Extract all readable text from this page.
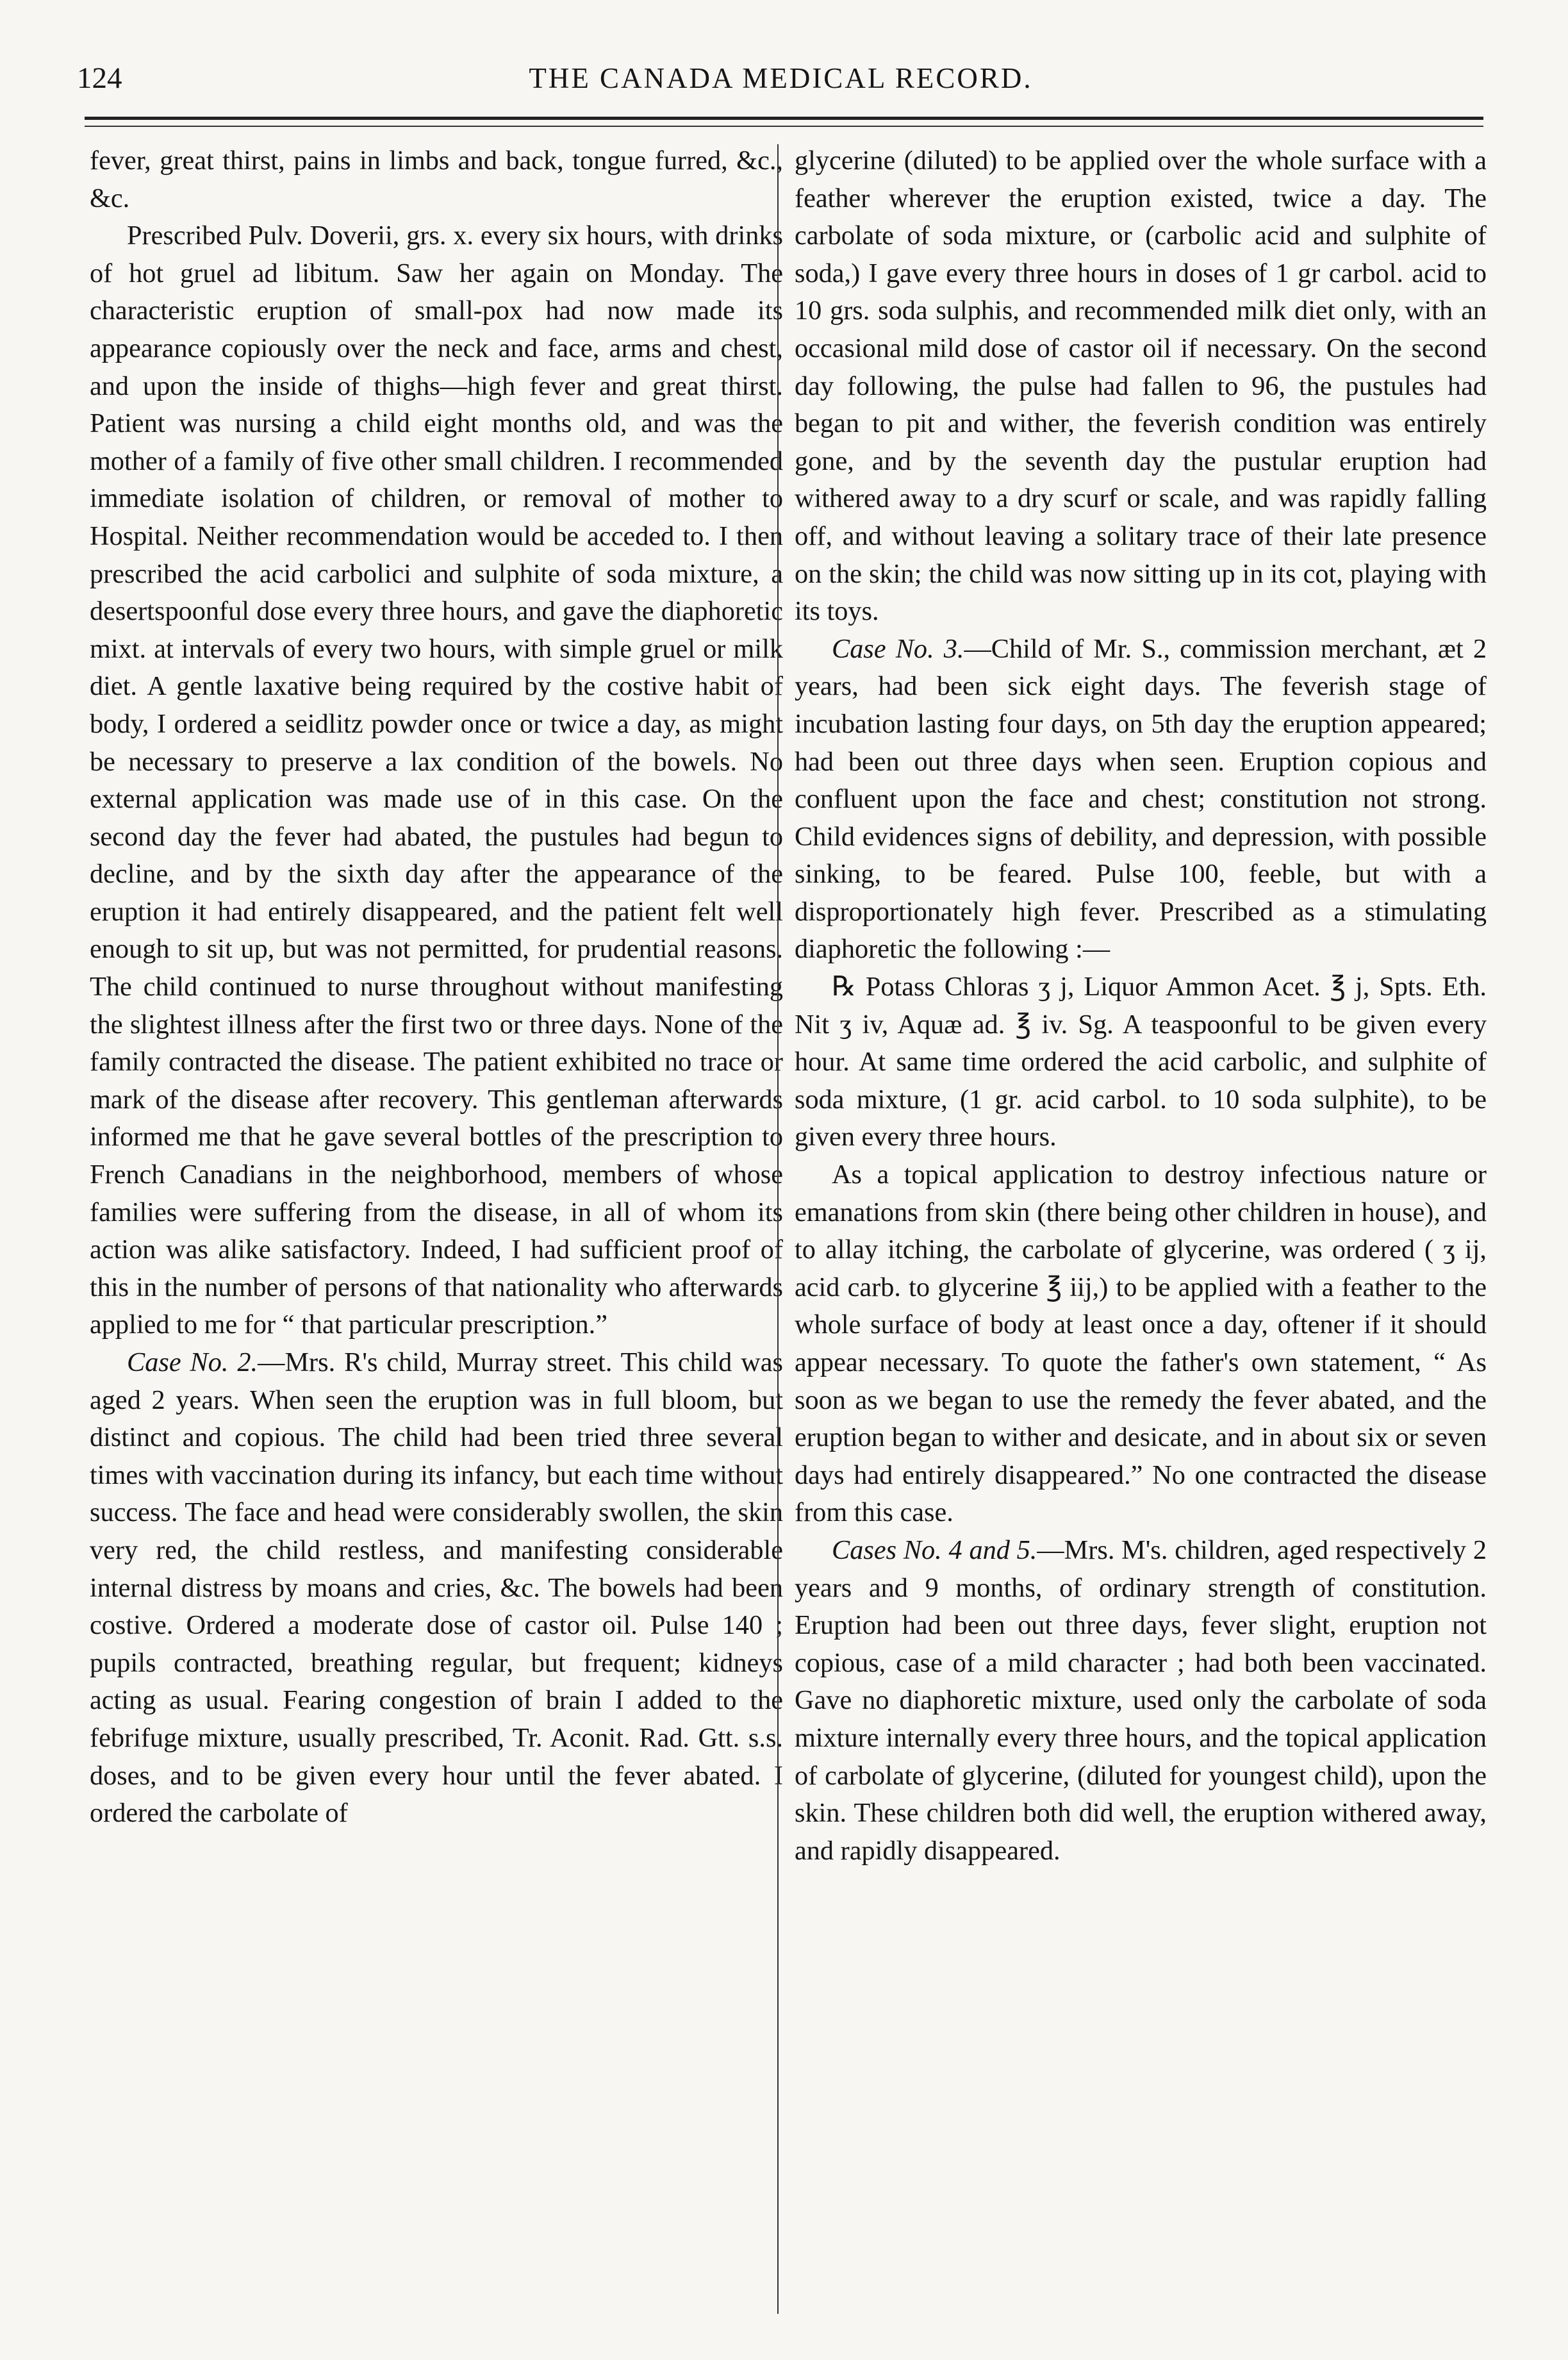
124	THE CANADA MEDICAL RECORD.

fever, great thirst, pains in limbs and back, tongue furred, &c., &c.

Prescribed Pulv. Doverii, grs. x. every six hours, with drinks of hot gruel ad libitum. Saw her again on Monday. The characteristic eruption of small-pox had now made its appearance copiously over the neck and face, arms and chest, and upon the inside of thighs—high fever and great thirst. Patient was nursing a child eight months old, and was the mother of a family of five other small children. I recommended immediate isolation of children, or removal of mother to Hospital. Neither recommendation would be acceded to. I then prescribed the acid carbolici and sulphite of soda mixture, a desertspoonful dose every three hours, and gave the diaphoretic mixt. at intervals of every two hours, with simple gruel or milk diet. A gentle laxative being required by the costive habit of body, I ordered a seidlitz powder once or twice a day, as might be necessary to preserve a lax condition of the bowels. No external application was made use of in this case. On the second day the fever had abated, the pustules had begun to decline, and by the sixth day after the appearance of the eruption it had entirely disappeared, and the patient felt well enough to sit up, but was not permitted, for prudential reasons. The child continued to nurse throughout without manifesting the slightest illness after the first two or three days. None of the family contracted the disease. The patient exhibited no trace or mark of the disease after recovery. This gentleman afterwards informed me that he gave several bottles of the prescription to French Canadians in the neighborhood, members of whose families were suffering from the disease, in all of whom its action was alike satisfactory. Indeed, I had sufficient proof of this in the number of persons of that nationality who afterwards applied to me for “ that particular prescription.”

Case No. 2.—Mrs. R's child, Murray street. This child was aged 2 years. When seen the eruption was in full bloom, but distinct and copious. The child had been tried three several times with vaccination during its infancy, but each time without success. The face and head were considerably swollen, the skin very red, the child restless, and manifesting considerable internal distress by moans and cries, &c. The bowels had been costive. Ordered a moderate dose of castor oil. Pulse 140 ; pupils contracted, breathing regular, but frequent; kidneys acting as usual. Fearing congestion of brain I added to the febrifuge mixture, usually prescribed, Tr. Aconit. Rad. Gtt. s.s. doses, and to be given every hour until the fever abated. I ordered the carbolate of

glycerine (diluted) to be applied over the whole surface with a feather wherever the eruption existed, twice a day. The carbolate of soda mixture, or (carbolic acid and sulphite of soda,) I gave every three hours in doses of 1 gr carbol. acid to 10 grs. soda sulphis, and recommended milk diet only, with an occasional mild dose of castor oil if necessary. On the second day following, the pulse had fallen to 96, the pustules had began to pit and wither, the feverish condition was entirely gone, and by the seventh day the pustular eruption had withered away to a dry scurf or scale, and was rapidly falling off, and without leaving a solitary trace of their late presence on the skin; the child was now sitting up in its cot, playing with its toys.

Case No. 3.—Child of Mr. S., commission merchant, æt 2 years, had been sick eight days. The feverish stage of incubation lasting four days, on 5th day the eruption appeared; had been out three days when seen. Eruption copious and confluent upon the face and chest; constitution not strong. Child evidences signs of debility, and depression, with possible sinking, to be feared. Pulse 100, feeble, but with a disproportionately high fever. Prescribed as a stimulating diaphoretic the following :—

℞ Potass Chloras ʒ j, Liquor Ammon Acet. ℥ j, Spts. Eth. Nit ʒ iv, Aquæ ad. ℥ iv. Sg. A teaspoonful to be given every hour. At same time ordered the acid carbolic, and sulphite of soda mixture, (1 gr. acid carbol. to 10 soda sulphite), to be given every three hours.

As a topical application to destroy infectious nature or emanations from skin (there being other children in house), and to allay itching, the carbolate of glycerine, was ordered ( ʒ ij, acid carb. to glycerine ℥ iij,) to be applied with a feather to the whole surface of body at least once a day, oftener if it should appear necessary. To quote the father's own statement, “ As soon as we began to use the remedy the fever abated, and the eruption began to wither and desicate, and in about six or seven days had entirely disappeared.” No one contracted the disease from this case.

Cases No. 4 and 5.—Mrs. M's. children, aged respectively 2 years and 9 months, of ordinary strength of constitution. Eruption had been out three days, fever slight, eruption not copious, case of a mild character ; had both been vaccinated. Gave no diaphoretic mixture, used only the carbolate of soda mixture internally every three hours, and the topical application of carbolate of glycerine, (diluted for youngest child), upon the skin. These children both did well, the eruption withered away, and rapidly disappeared.
